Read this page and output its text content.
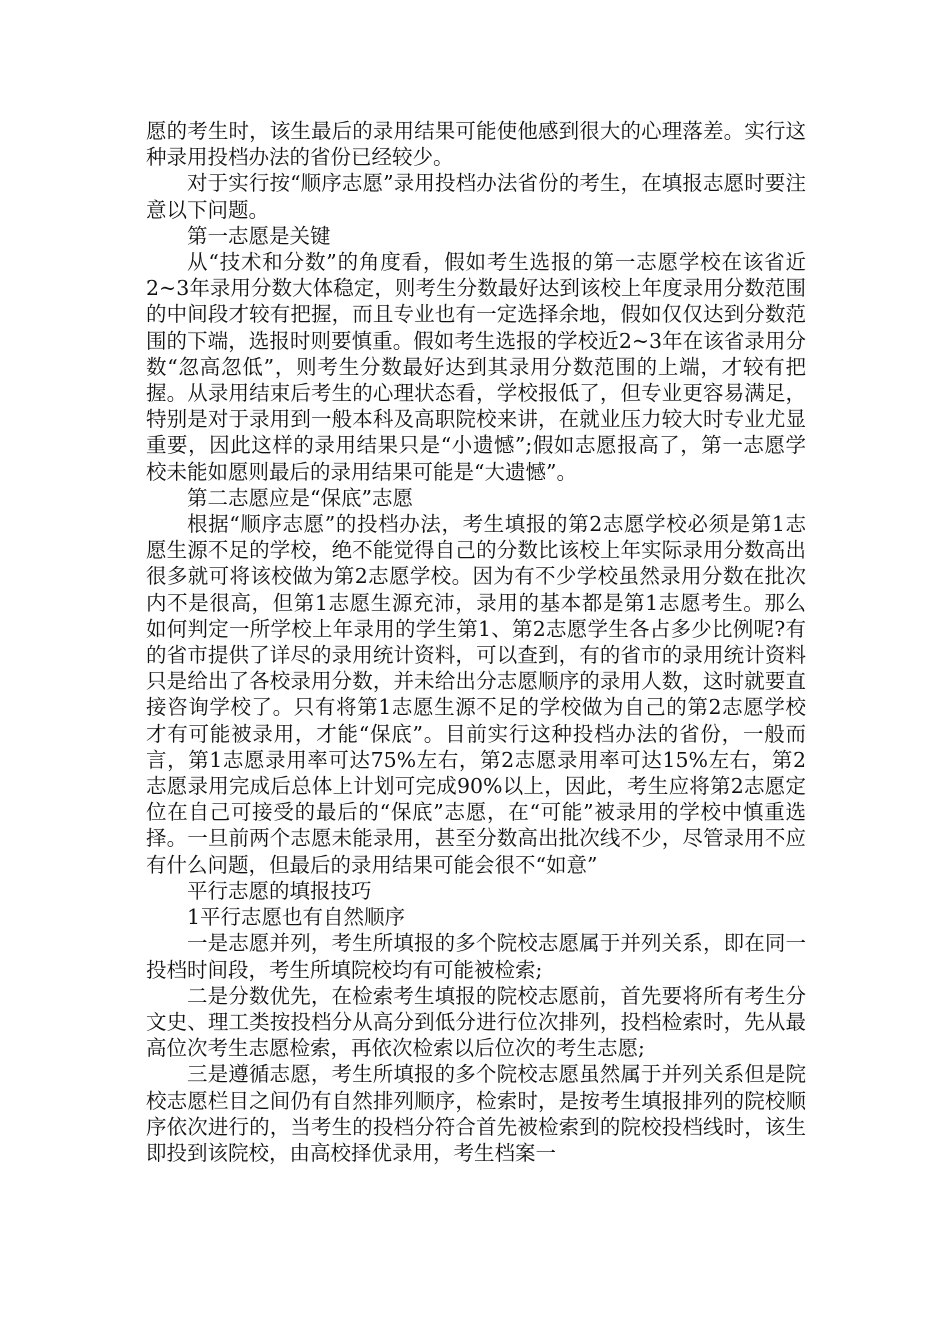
愿的考生时，该生最后的录用结果可能使他感到很大的心理落差。实行这种录用投档办法的省份已经较少。

对于实行按“顺序志愿”录用投档办法省份的考生，在填报志愿时要注意以下问题。

第一志愿是关键

从“技术和分数”的角度看，假如考生选报的第一志愿学校在该省近2~3年录用分数大体稳定，则考生分数最好达到该校上年度录用分数范围的中间段才较有把握，而且专业也有一定选择余地，假如仅仅达到分数范围的下端，选报时则要慎重。假如考生选报的学校近2~3年在该省录用分数“忽高忽低”，则考生分数最好达到其录用分数范围的上端，才较有把握。从录用结束后考生的心理状态看，学校报低了，但专业更容易满足，特别是对于录用到一般本科及高职院校来讲，在就业压力较大时专业尤显重要，因此这样的录用结果只是“小遗憾”;假如志愿报高了，第一志愿学校未能如愿则最后的录用结果可能是“大遗憾”。

第二志愿应是“保底”志愿

根据“顺序志愿”的投档办法，考生填报的第2志愿学校必须是第1志愿生源不足的学校，绝不能觉得自己的分数比该校上年实际录用分数高出很多就可将该校做为第2志愿学校。因为有不少学校虽然录用分数在批次内不是很高，但第1志愿生源充沛，录用的基本都是第1志愿考生。那么如何判定一所学校上年录用的学生第1、第2志愿学生各占多少比例呢?有的省市提供了详尽的录用统计资料，可以查到，有的省市的录用统计资料只是给出了各校录用分数，并未给出分志愿顺序的录用人数，这时就要直接咨询学校了。只有将第1志愿生源不足的学校做为自己的第2志愿学校才有可能被录用，才能“保底”。目前实行这种投档办法的省份，一般而言，第1志愿录用率可达75%左右，第2志愿录用率可达15%左右，第2志愿录用完成后总体上计划可完成90%以上，因此，考生应将第2志愿定位在自己可接受的最后的“保底”志愿，在“可能”被录用的学校中慎重选择。一旦前两个志愿未能录用，甚至分数高出批次线不少，尽管录用不应有什么问题，但最后的录用结果可能会很不“如意”

平行志愿的填报技巧

1平行志愿也有自然顺序

一是志愿并列，考生所填报的多个院校志愿属于并列关系，即在同一投档时间段，考生所填院校均有可能被检索;

二是分数优先，在检索考生填报的院校志愿前，首先要将所有考生分文史、理工类按投档分从高分到低分进行位次排列，投档检索时，先从最高位次考生志愿检索，再依次检索以后位次的考生志愿;

三是遵循志愿，考生所填报的多个院校志愿虽然属于并列关系但是院校志愿栏目之间仍有自然排列顺序，检索时，是按考生填报排列的院校顺序依次进行的，当考生的投档分符合首先被检索到的院校投档线时，该生即投到该院校，由高校择优录用，考生档案一
